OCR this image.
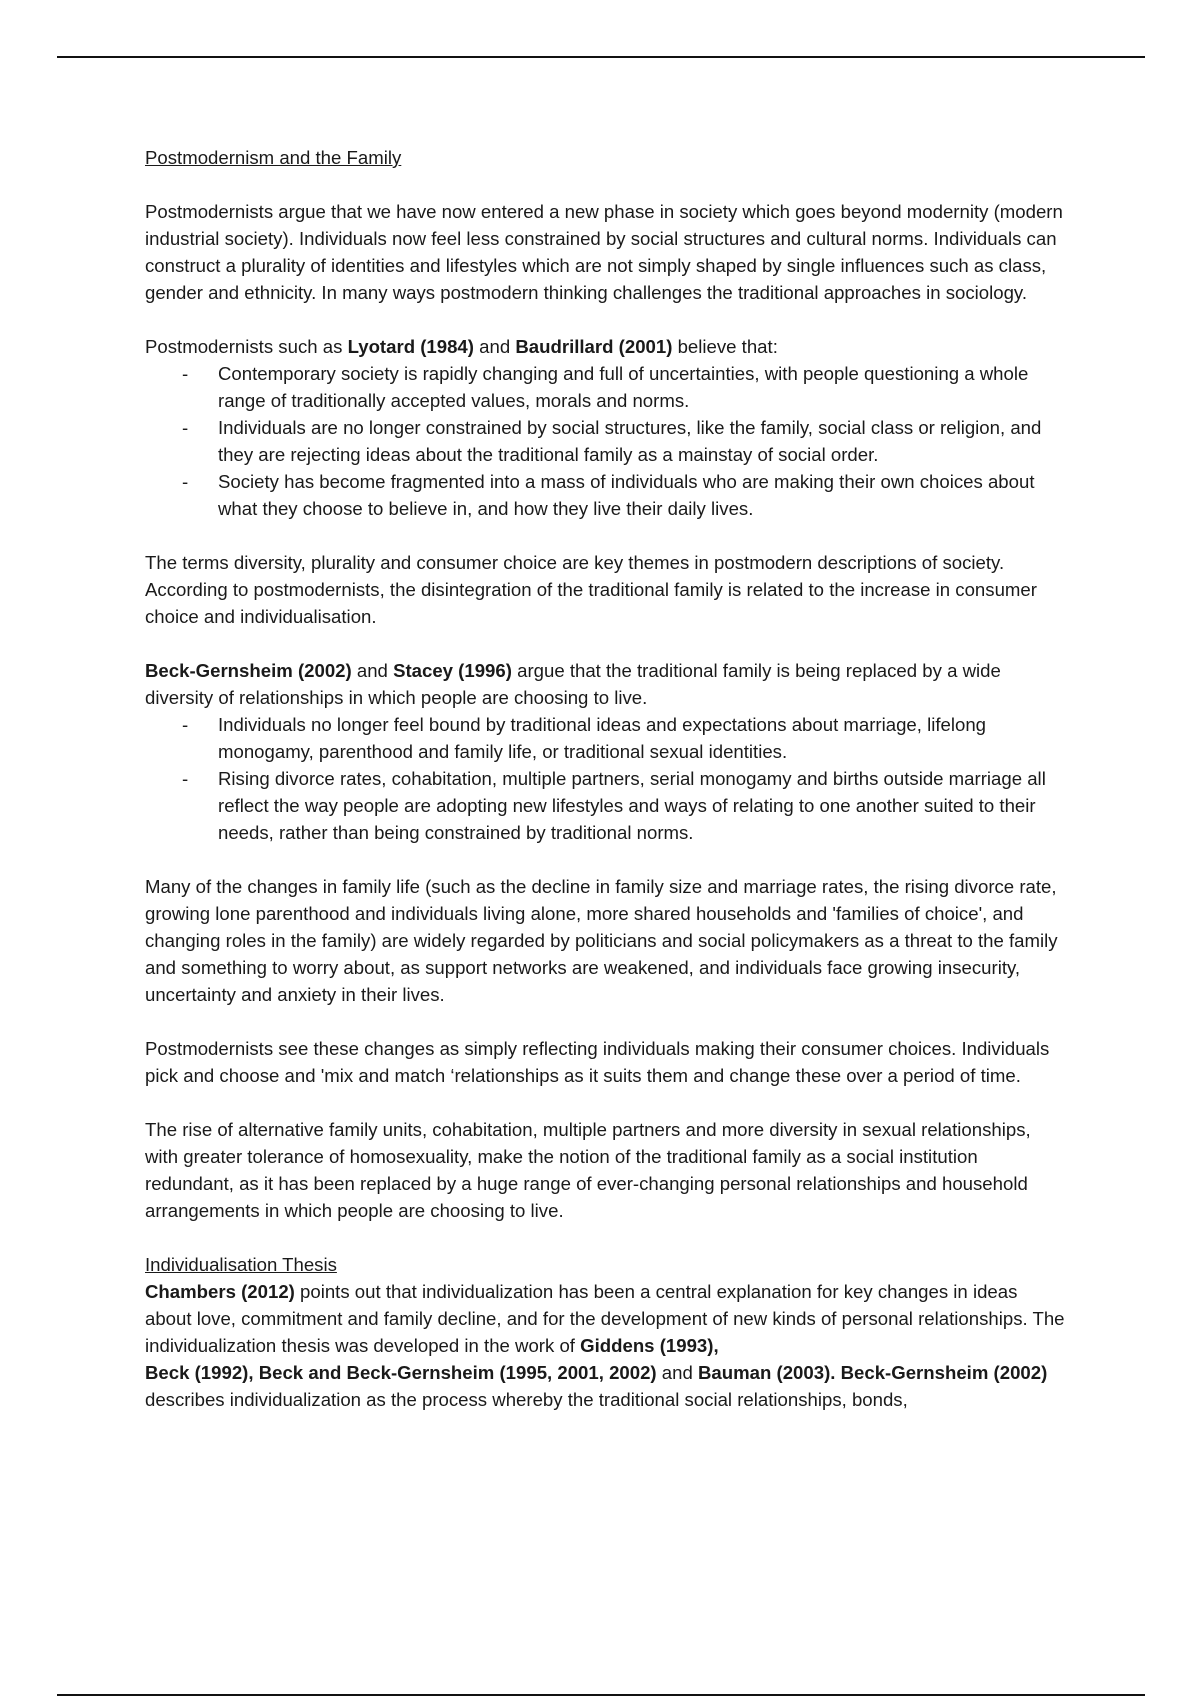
Postmodernism and the Family

Postmodernists argue that we have now entered a new phase in society which goes beyond modernity (modern industrial society). Individuals now feel less constrained by social structures and cultural norms. Individuals can construct a plurality of identities and lifestyles which are not simply shaped by single influences such as class, gender and ethnicity. In many ways postmodern thinking challenges the traditional approaches in sociology.

Postmodernists such as Lyotard (1984) and Baudrillard (2001) believe that:

- Contemporary society is rapidly changing and full of uncertainties, with people questioning a whole range of traditionally accepted values, morals and norms.
- Individuals are no longer constrained by social structures, like the family, social class or religion, and they are rejecting ideas about the traditional family as a mainstay of social order.
- Society has become fragmented into a mass of individuals who are making their own choices about what they choose to believe in, and how they live their daily lives.

The terms diversity, plurality and consumer choice are key themes in postmodern descriptions of society. According to postmodernists, the disintegration of the traditional family is related to the increase in consumer choice and individualisation.

Beck-Gernsheim (2002) and Stacey (1996) argue that the traditional family is being replaced by a wide diversity of relationships in which people are choosing to live.

- Individuals no longer feel bound by traditional ideas and expectations about marriage, lifelong monogamy, parenthood and family life, or traditional sexual identities.
- Rising divorce rates, cohabitation, multiple partners, serial monogamy and births outside marriage all reflect the way people are adopting new lifestyles and ways of relating to one another suited to their needs, rather than being constrained by traditional norms.

Many of the changes in family life (such as the decline in family size and marriage rates, the rising divorce rate, growing lone parenthood and individuals living alone, more shared households and 'families of choice', and changing roles in the family) are widely regarded by politicians and social policymakers as a threat to the family and something to worry about, as support networks are weakened, and individuals face growing insecurity, uncertainty and anxiety in their lives.

Postmodernists see these changes as simply reflecting individuals making their consumer choices. Individuals pick and choose and 'mix and match ‘relationships as it suits them and change these over a period of time.

The rise of alternative family units, cohabitation, multiple partners and more diversity in sexual relationships, with greater tolerance of homosexuality, make the notion of the traditional family as a social institution redundant, as it has been replaced by a huge range of ever-changing personal relationships and household arrangements in which people are choosing to live.

Individualisation Thesis

Chambers (2012) points out that individualization has been a central explanation for key changes in ideas about love, commitment and family decline, and for the development of new kinds of personal relationships. The individualization thesis was developed in the work of Giddens (1993),
Beck (1992), Beck and Beck-Gernsheim (1995, 2001, 2002) and Bauman (2003). Beck-Gernsheim (2002) describes individualization as the process whereby the traditional social relationships, bonds,
